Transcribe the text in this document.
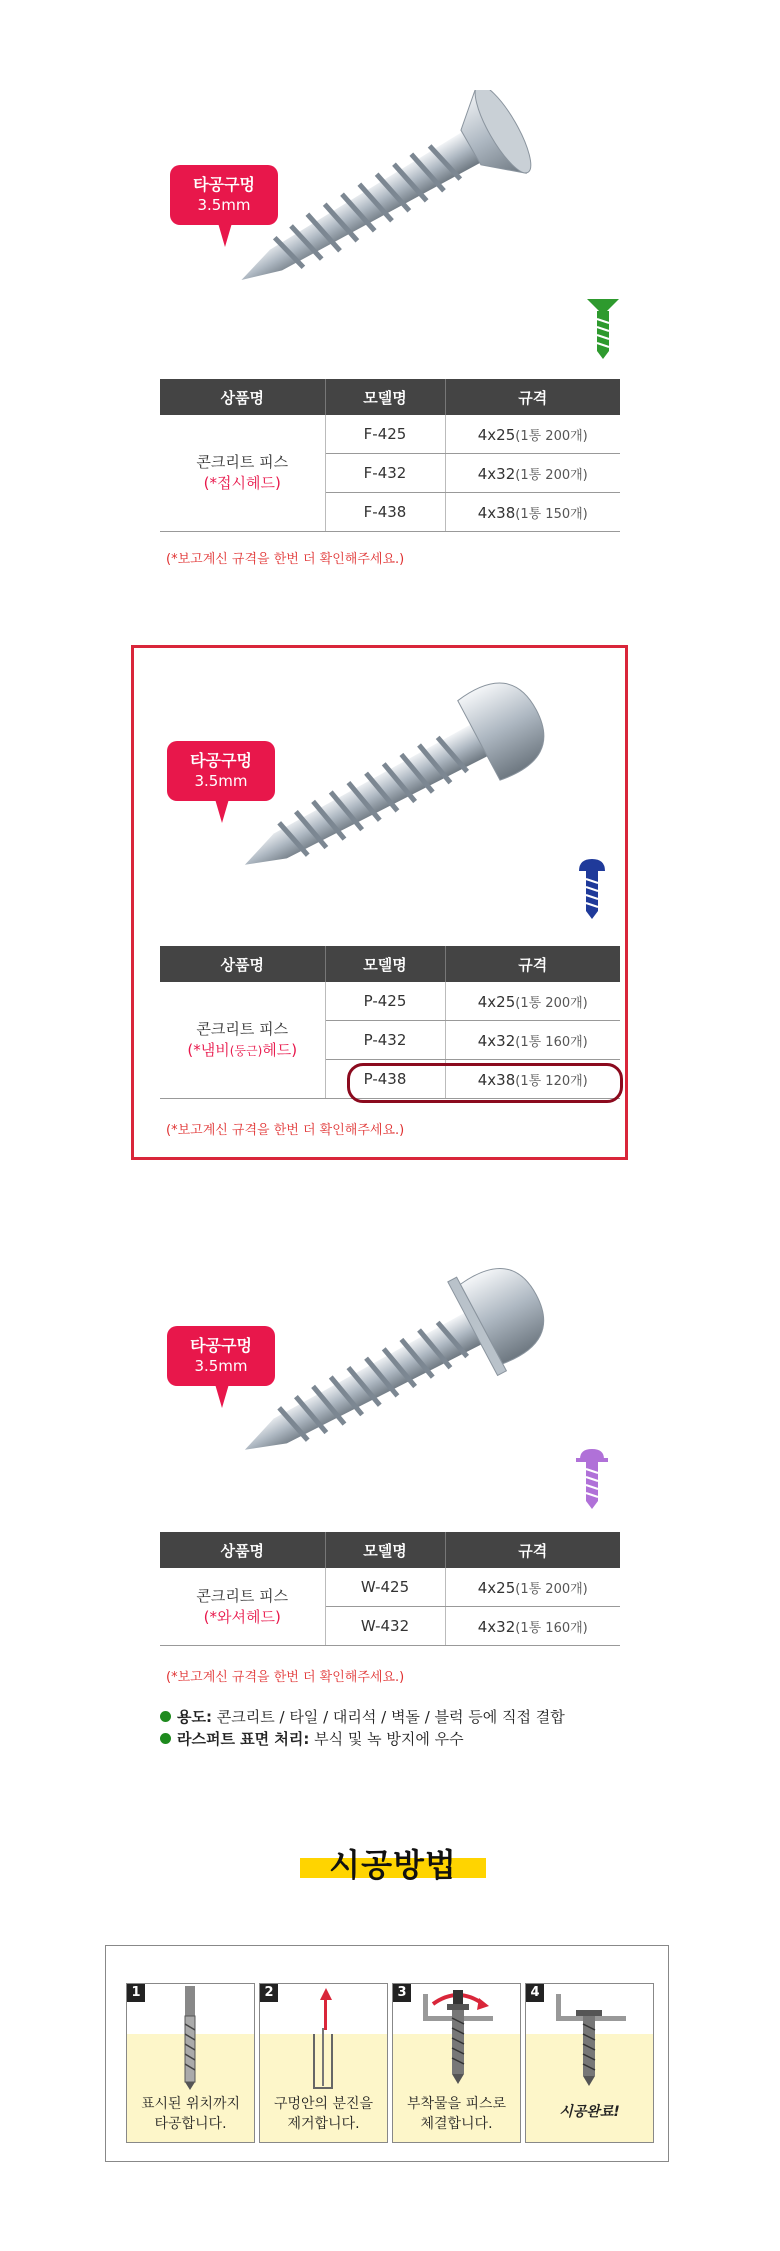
타공구멍
3.5mm
상품명	모델명	규격

콘크리트 피스
(*접시헤드)	F-425	4x25(1통 200개)
	F-432	4x32(1통 200개)
	F-438	4x38(1통 150개)
(*보고계신 규격을 한번 더 확인해주세요.)
타공구멍
3.5mm
상품명	모델명	규격

콘크리트 피스
(*냄비(둥근)헤드)	P-425	4x25(1통 200개)
	P-432	4x32(1통 160개)
	P-438	4x38(1통 120개)
(*보고계신 규격을 한번 더 확인해주세요.)
타공구멍
3.5mm
상품명	모델명	규격

콘크리트 피스
(*와셔헤드)	W-425	4x25(1통 200개)
	W-432	4x32(1통 160개)
(*보고계신 규격을 한번 더 확인해주세요.)
용도: 콘크리트 / 타일 / 대리석 / 벽돌 / 블럭 등에 직접 결합
라스퍼트 표면 처리: 부식 및 녹 방지에 우수
시공방법
1
표시된 위치까지
타공합니다.
2
구멍안의 분진을
제거합니다.
3
부착물을 피스로
체결합니다.
4
시공완료!
